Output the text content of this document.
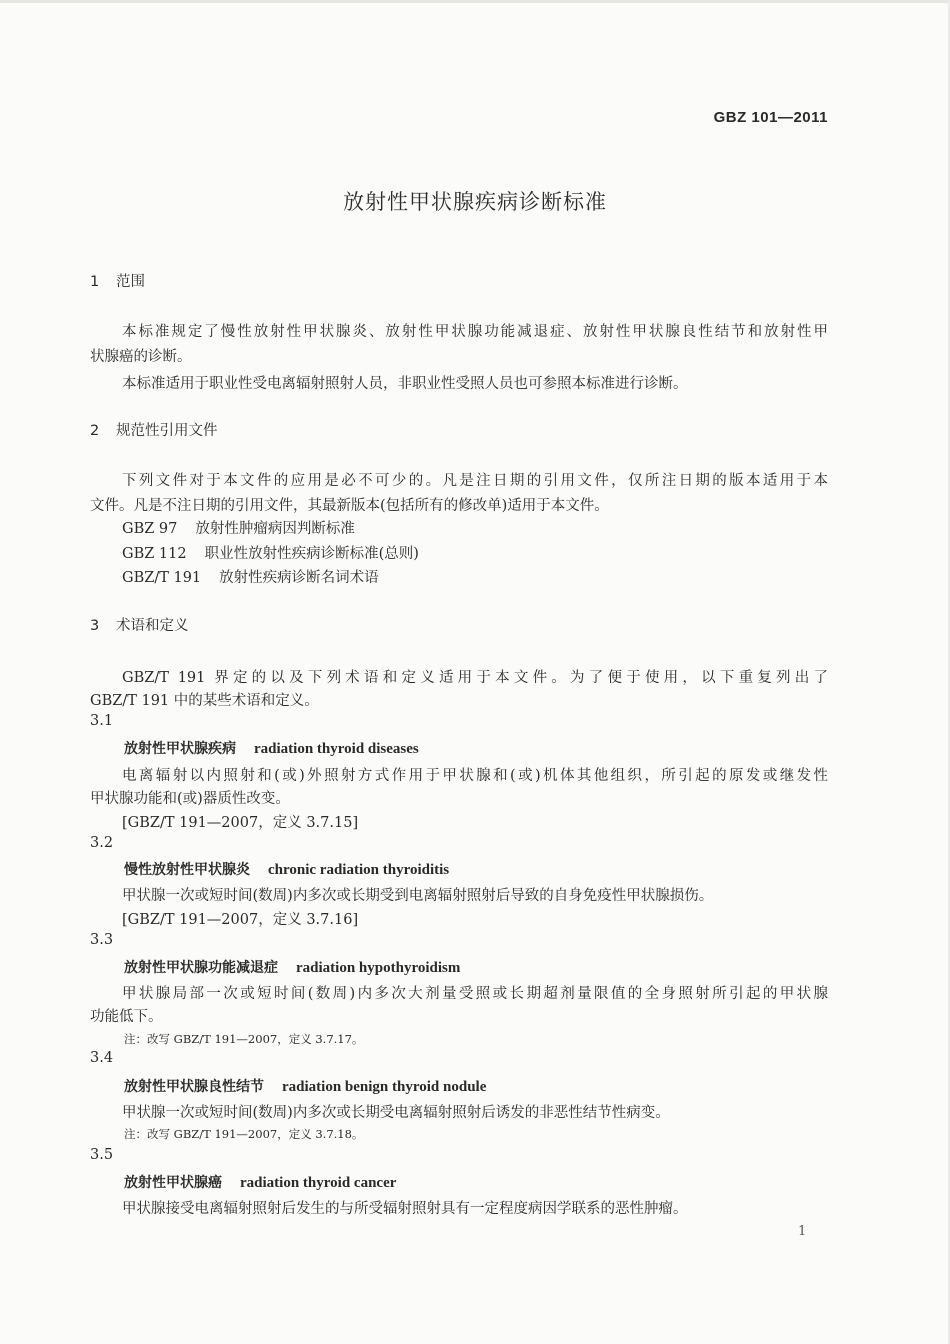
GBZ 101—2011
放射性甲状腺疾病诊断标准
1 范围
本标准规定了慢性放射性甲状腺炎、放射性甲状腺功能减退症、放射性甲状腺良性结节和放射性甲
状腺癌的诊断。
本标准适用于职业性受电离辐射照射人员，非职业性受照人员也可参照本标准进行诊断。
2 规范性引用文件
下列文件对于本文件的应用是必不可少的。凡是注日期的引用文件，仅所注日期的版本适用于本
文件。凡是不注日期的引用文件，其最新版本(包括所有的修改单)适用于本文件。
GBZ 97 放射性肿瘤病因判断标准
GBZ 112 职业性放射性疾病诊断标准(总则)
GBZ/T 191 放射性疾病诊断名词术语
3 术语和定义
GBZ/T 191 界定的以及下列术语和定义适用于本文件。为了便于使用，以下重复列出了
GBZ/T 191 中的某些术语和定义。
3.1
放射性甲状腺疾病 radiation thyroid diseases
电离辐射以内照射和(或)外照射方式作用于甲状腺和(或)机体其他组织，所引起的原发或继发性
甲状腺功能和(或)器质性改变。
[GBZ/T 191—2007，定义 3.7.15]
3.2
慢性放射性甲状腺炎 chronic radiation thyroiditis
甲状腺一次或短时间(数周)内多次或长期受到电离辐射照射后导致的自身免疫性甲状腺损伤。
[GBZ/T 191—2007，定义 3.7.16]
3.3
放射性甲状腺功能减退症 radiation hypothyroidism
甲状腺局部一次或短时间(数周)内多次大剂量受照或长期超剂量限值的全身照射所引起的甲状腺
功能低下。
注：改写 GBZ/T 191—2007，定义 3.7.17。
3.4
放射性甲状腺良性结节 radiation benign thyroid nodule
甲状腺一次或短时间(数周)内多次或长期受电离辐射照射后诱发的非恶性结节性病变。
注：改写 GBZ/T 191—2007，定义 3.7.18。
3.5
放射性甲状腺癌 radiation thyroid cancer
甲状腺接受电离辐射照射后发生的与所受辐射照射具有一定程度病因学联系的恶性肿瘤。
1
